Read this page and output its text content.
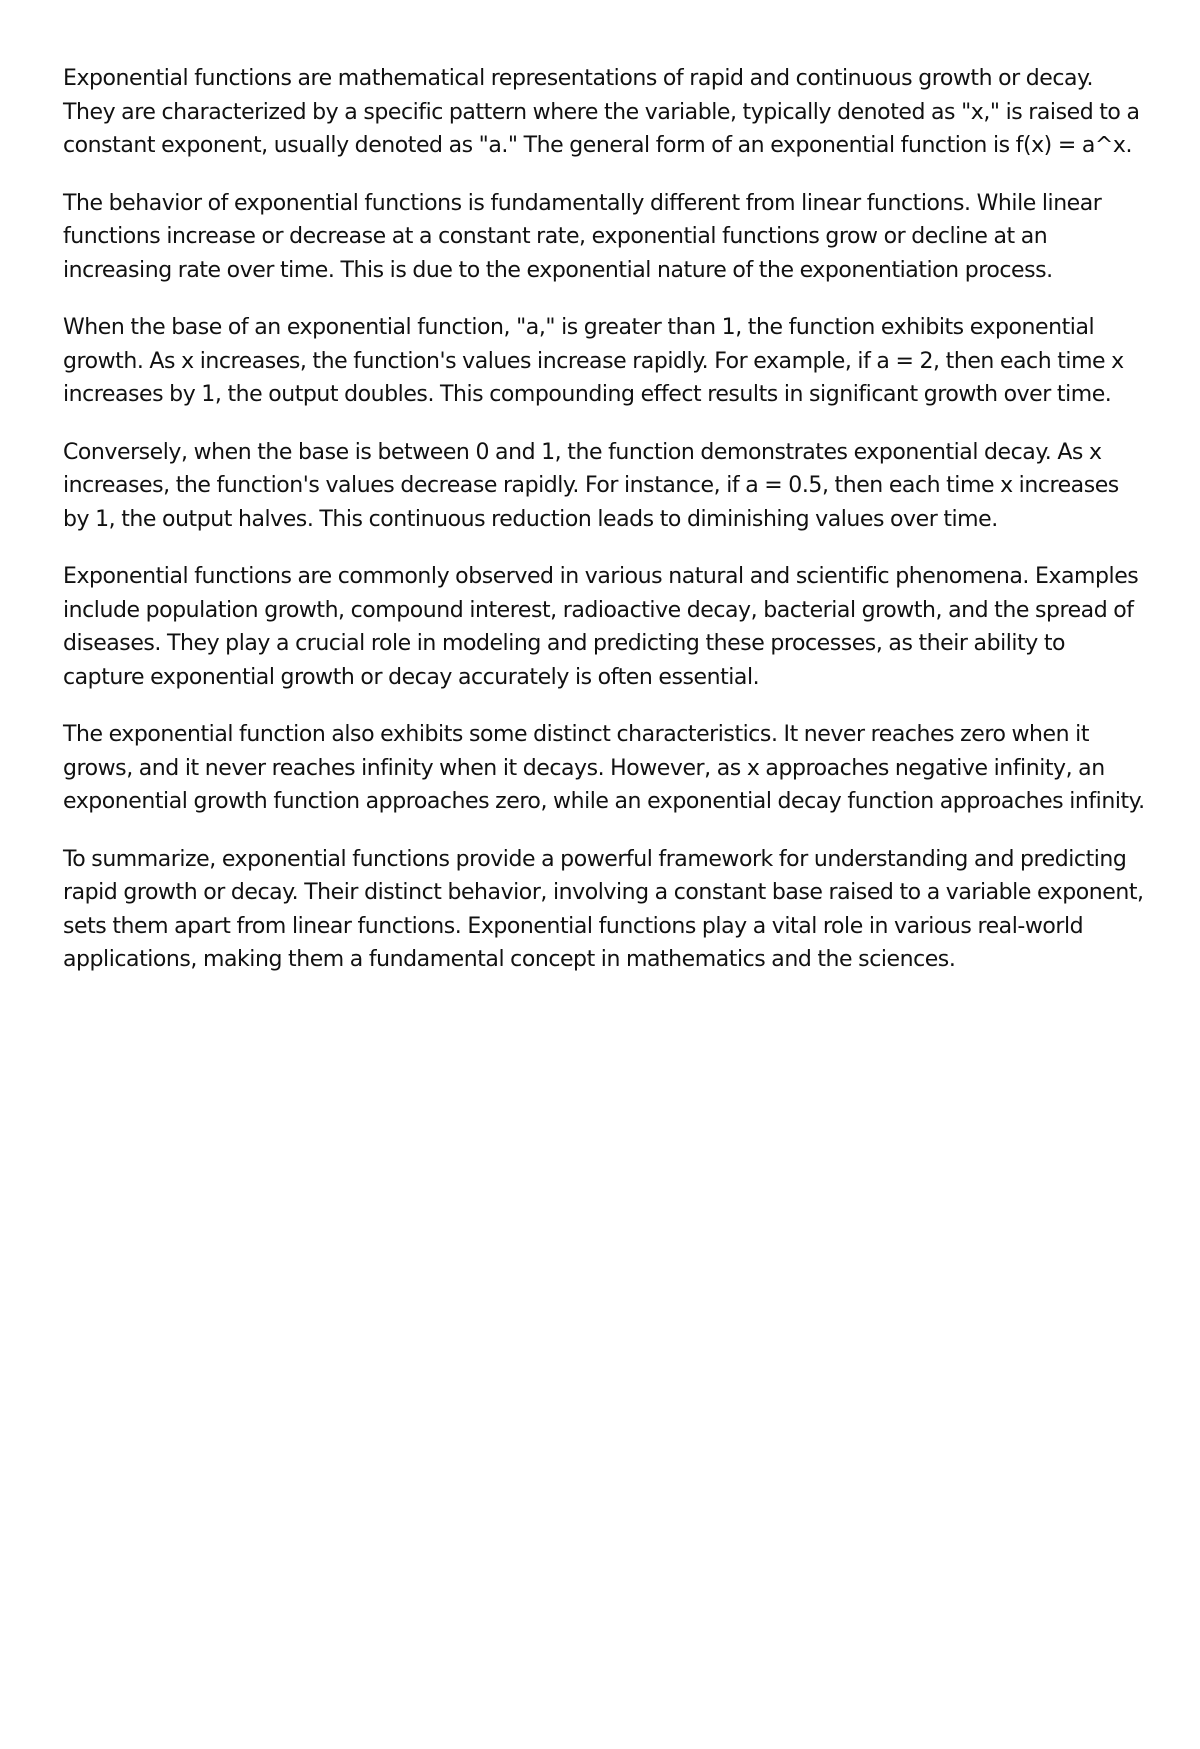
Exponential functions are mathematical representations of rapid and continuous growth or decay. They are characterized by a specific pattern where the variable, typically denoted as "x," is raised to a constant exponent, usually denoted as "a." The general form of an exponential function is f(x) = a^x.

The behavior of exponential functions is fundamentally different from linear functions. While linear functions increase or decrease at a constant rate, exponential functions grow or decline at an increasing rate over time. This is due to the exponential nature of the exponentiation process.

When the base of an exponential function, "a," is greater than 1, the function exhibits exponential growth. As x increases, the function's values increase rapidly. For example, if a = 2, then each time x increases by 1, the output doubles. This compounding effect results in significant growth over time.

Conversely, when the base is between 0 and 1, the function demonstrates exponential decay. As x increases, the function's values decrease rapidly. For instance, if a = 0.5, then each time x increases by 1, the output halves. This continuous reduction leads to diminishing values over time.

Exponential functions are commonly observed in various natural and scientific phenomena. Examples include population growth, compound interest, radioactive decay, bacterial growth, and the spread of diseases. They play a crucial role in modeling and predicting these processes, as their ability to capture exponential growth or decay accurately is often essential.

The exponential function also exhibits some distinct characteristics. It never reaches zero when it grows, and it never reaches infinity when it decays. However, as x approaches negative infinity, an exponential growth function approaches zero, while an exponential decay function approaches infinity.

To summarize, exponential functions provide a powerful framework for understanding and predicting rapid growth or decay. Their distinct behavior, involving a constant base raised to a variable exponent, sets them apart from linear functions. Exponential functions play a vital role in various real-world applications, making them a fundamental concept in mathematics and the sciences.
